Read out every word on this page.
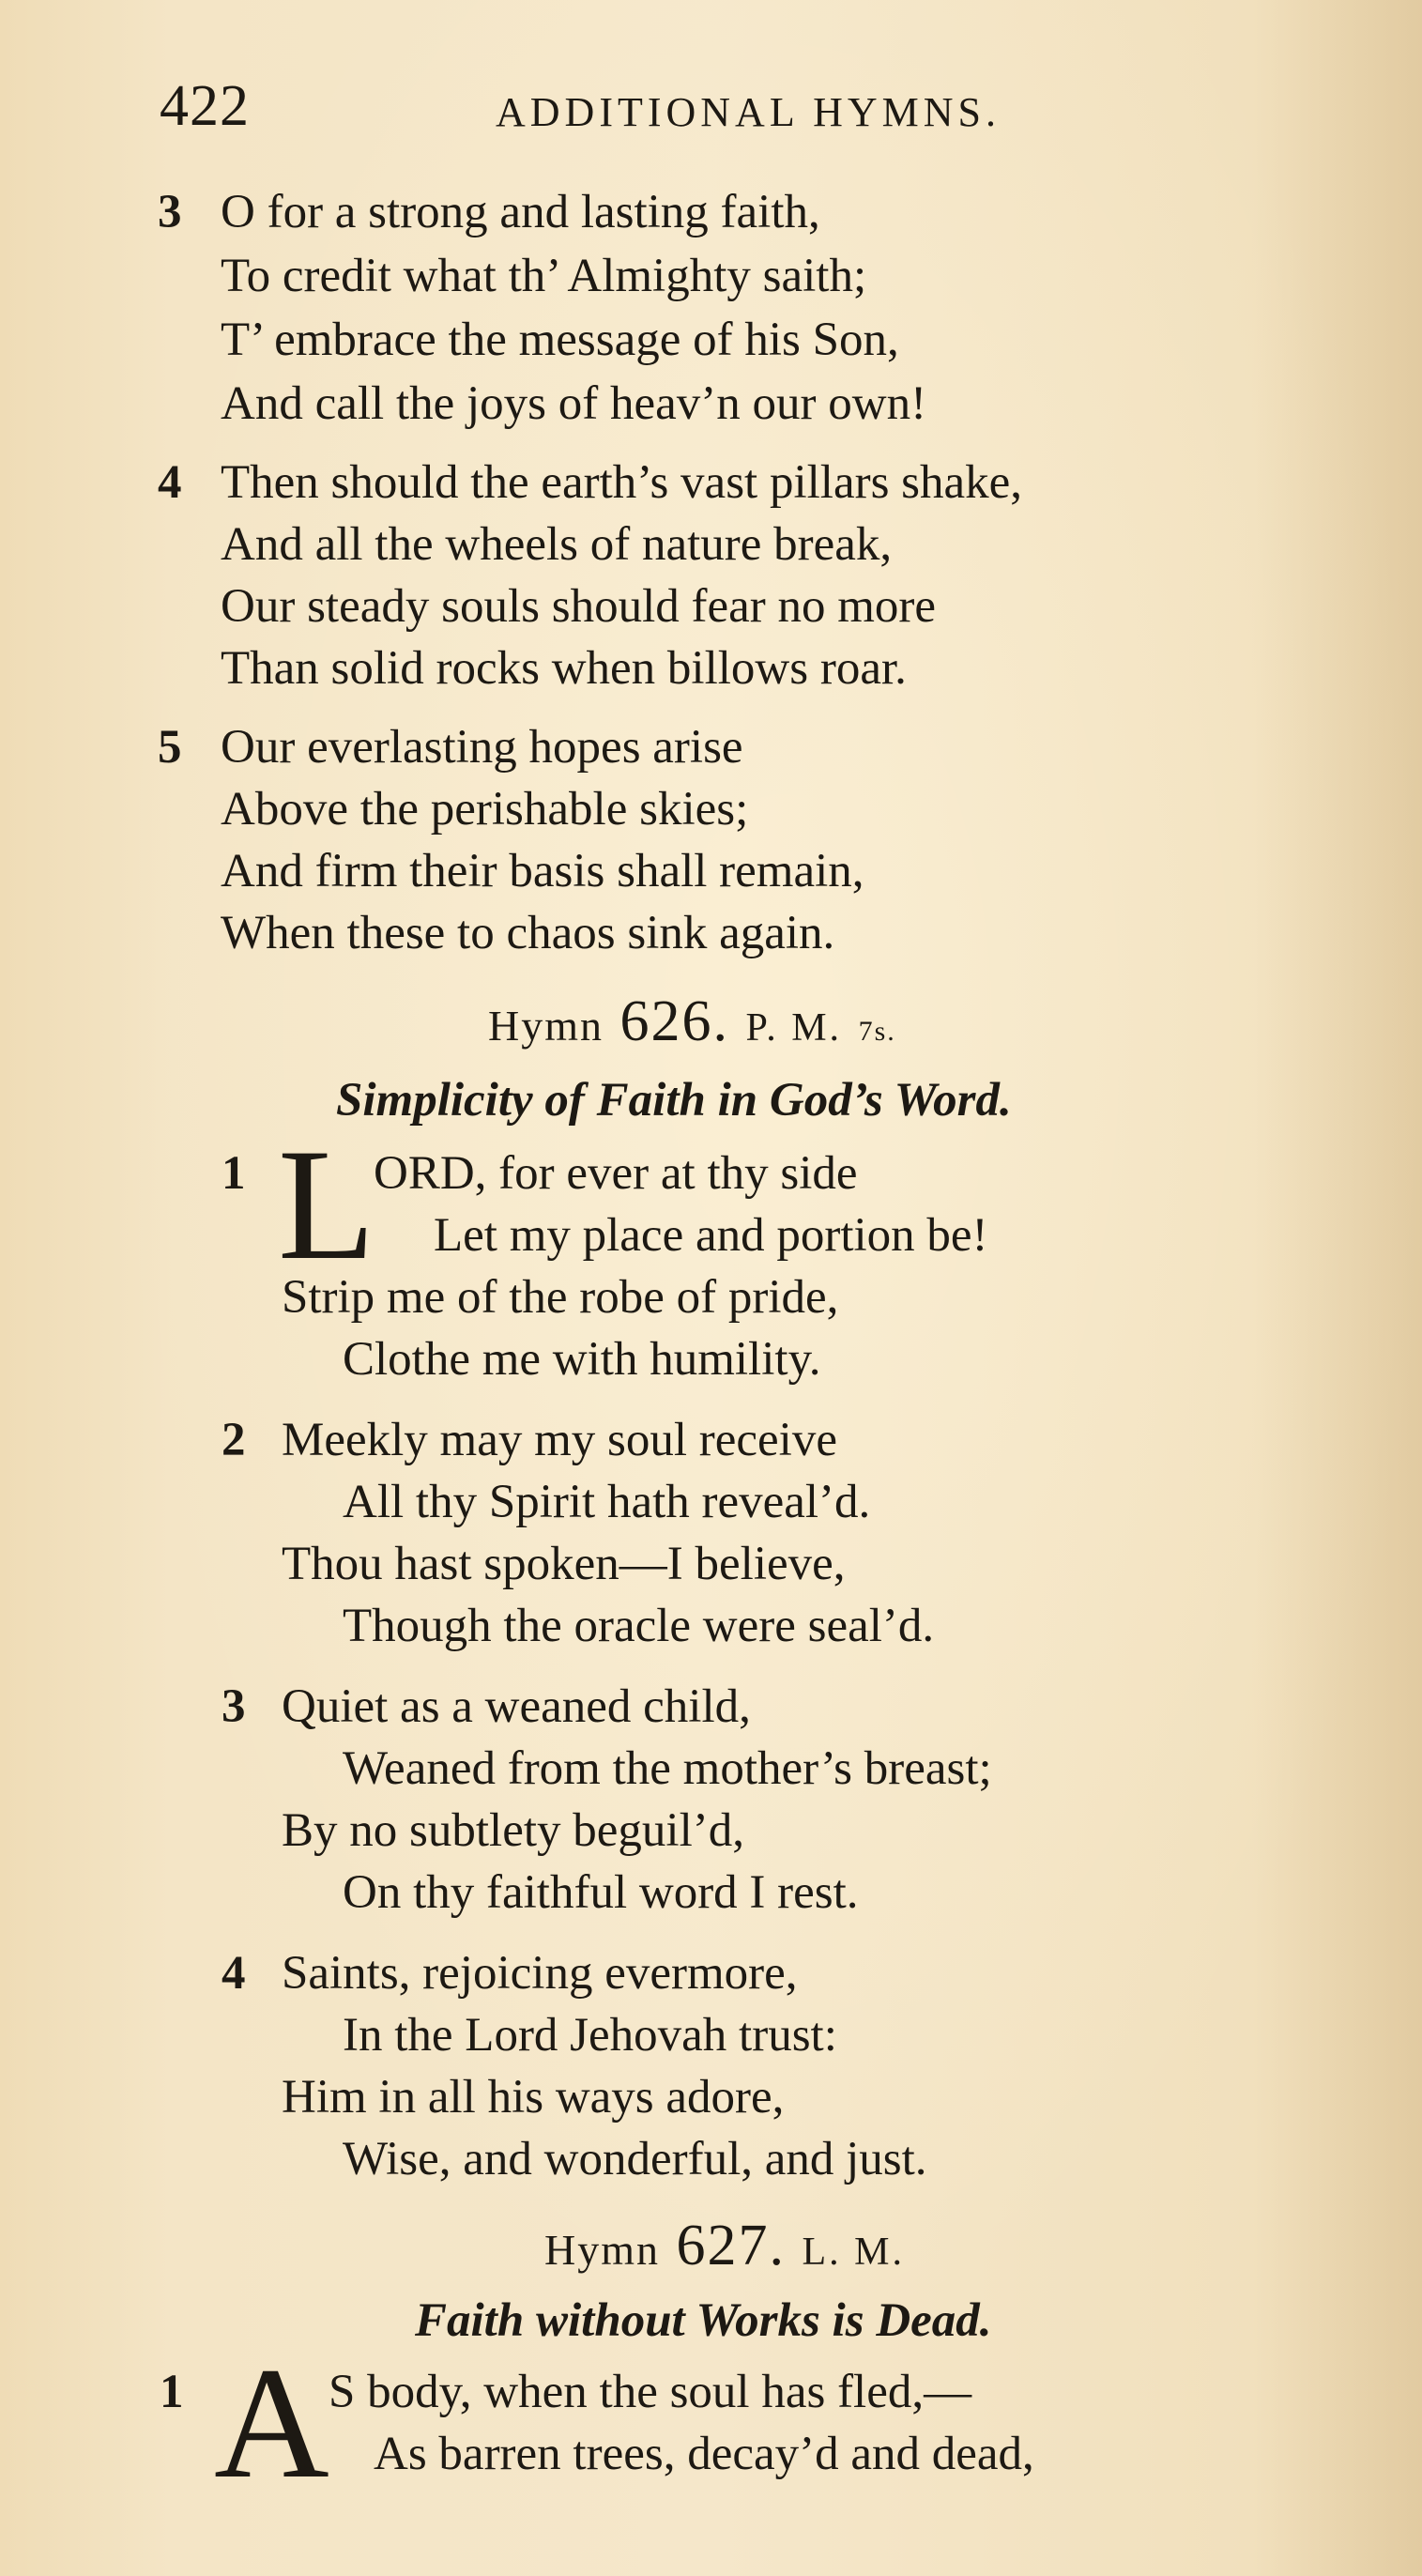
422	ADDITIONAL HYMNS.
3 O for a strong and lasting faith,
To credit what th’ Almighty saith;
T’ embrace the message of his Son,
And call the joys of heav’n our own!
4 Then should the earth’s vast pillars shake,
And all the wheels of nature break,
Our steady souls should fear no more
Than solid rocks when billows roar.
5 Our everlasting hopes arise
Above the perishable skies;
And firm their basis shall remain,
When these to chaos sink again.
Hymn 626. P. M. 7s.
Simplicity of Faith in God’s Word.
1 L
ORD, for ever at thy side
Let my place and portion be!
Strip me of the robe of pride,
Clothe me with humility.
2 Meekly may my soul receive
All thy Spirit hath reveal’d.
Thou hast spoken—I believe,
Though the oracle were seal’d.
3 Quiet as a weaned child,
Weaned from the mother’s breast;
By no subtlety beguil’d,
On thy faithful word I rest.
4 Saints, rejoicing evermore,
In the Lord Jehovah trust:
Him in all his ways adore,
Wise, and wonderful, and just.
Hymn 627. L. M.
Faith without Works is Dead.
1 A S body, when the soul has fled,—
As barren trees, decay’d and dead,
